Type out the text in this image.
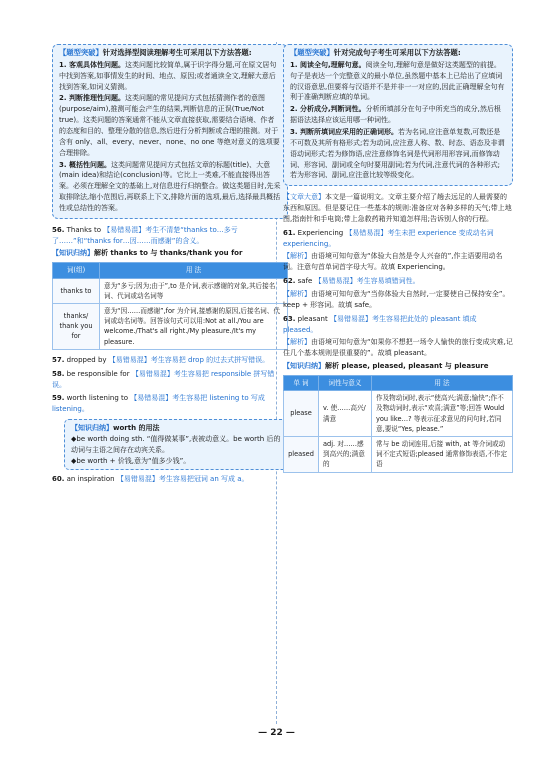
【题型突破】针对选择型阅读理解考生可采用以下方法答题:
1. 客观具体性问题。这类问题比较简单,属于识字得分题,可在原文居句中找到答案,如事情发生的时间、地点、原因;或者通读全文,理解大意后找到答案,如词义猜测。
2. 判断推理性问题。这类问题的常见提问方式包括猜测作者的意图(purpose/aim),推测可能会产生的结果,判断信息的正误(True/Not true)。这类问题的答案通常不能从文章直接获取,需要结合语境、作者的态度和目的、整理分散的信息,然后进行分析判断或合理的推测。对于含有 only、all、every、never、none、no one 等绝对意义的选项要合理排除。
3. 概括性问题。这类问题常见提问方式包括文章的标题(title)、大意(main idea)和结论(conclusion)等。它比上一类难,不能直接得出答案。必须在理解全文的基础上,对信息进行归纳整合。做这类题目时,先采取排除法,缩小范围后,再联系上下文,排除片面的选项,最后,选择最具概括性或总结性的答案。
56. Thanks to 【易错易混】考生不清楚“thanks to…多亏了……”和“thanks for…因……而感谢”的含义。
【知识归纳】解析 thanks to 与 thanks/thank you for
词(组)	用 法
thanks to	意为“多亏;因为;由于”,to 是介词,表示感谢的对象,其后接名词、代词或动名词等
thanks/ thank you for	意为“因……而感谢”,for 为介词,接感谢的原因,后接名词、代词或动名词等。回答该句式可以用:Not at all./You are welcome./That's all right./My pleasure./It's my pleasure.
57. dropped by 【易错易混】考生容易把 drop 的过去式拼写错误。
58. be responsible for 【易错易混】考生容易把 responsible 拼写错误。
59. worth listening to 【易错易混】考生容易把 listening to 写成 listening。
【知识归纳】worth 的用法
◆be worth doing sth. “值得做某事”,表被动意义。be worth 后的动词与主语之间存在动宾关系。
◆be worth + 价钱,意为“值多少钱”。
60. an inspiration 【易错易混】考生容易把冠词 an 写成 a。
【题型突破】针对完成句子考生可采用以下方法答题:
1. 阅读全句,理解句意。阅读全句,理解句意是做好这类题型的前提。句子是表达一个完整意义的最小单位,虽然题中基本上已给出了应填词的汉语意思,但要将与汉语并不是并非一一对应的,因此正确理解全句有利于准确判断应填的单词。
2. 分析成分,判断词性。分析所填部分在句子中所充当的成分,然后根据语法选择应该运用哪一种词性。
3. 判断所填词应采用的正确词形。若为名词,应注意单复数,可数还是不可数及其所有格形式;若为动词,应注意人称、数、时态、语态及非谓语动词形式;若为修饰语,应注意修饰名词是代词形用形容词,而修饰动词、形容词、副词或全句时要用副词;若为代词,注意代词的各种形式;若为形容词、副词,应注意比较等级变化。
【文章大意】本文是一篇说明文。文章主要介绍了趟去远足的人最需要的东西和原因。但是要记住一些基本的规则:准备应对各种多样的天气;带上地图,指南针和手电筒;带上急救药箱并知道怎样用;告诉别人你的行程。
61. Experiencing 【易错易混】考生未把 experience 变成动名词 experiencing。
【解析】由语境可知句意为“体验大自然是令人兴奋的”,作主语要用动名词。注意句首单词首字母大写。故填 Experiencing。
62. safe 【易错易混】考生容易填错词性。
【解析】由语境可知句意为“当你体验大自然时,一定要使自己保持安全”。keep + 形容词。故填 safe。
63. pleasant 【易错易混】考生容易把此处的 pleasant 填成 pleased。
【解析】由语境可知句意为“如果你不想把一场令人愉快的旅行变成灾难,记住几个基本规则是很重要的”。故填 pleasant。
【知识归纳】解析 please, pleased, pleasant 与 pleasure
单 词	词性与意义	用 法
please	v. 使……高兴/满意	作及物动词时,表示“使高兴;满意;愉快”;作不及物动词时,表示“欢喜;满意”等;回答 Would you like…? 等表示征求意见的问句时,若同意,要说“Yes, please.”
pleased	adj. 对……感到高兴的;满意的	常与 be 动词连用,后接 with, at 等介词或动词不定式短语;pleased 通常修饰表语,不作定语
— 22 —
